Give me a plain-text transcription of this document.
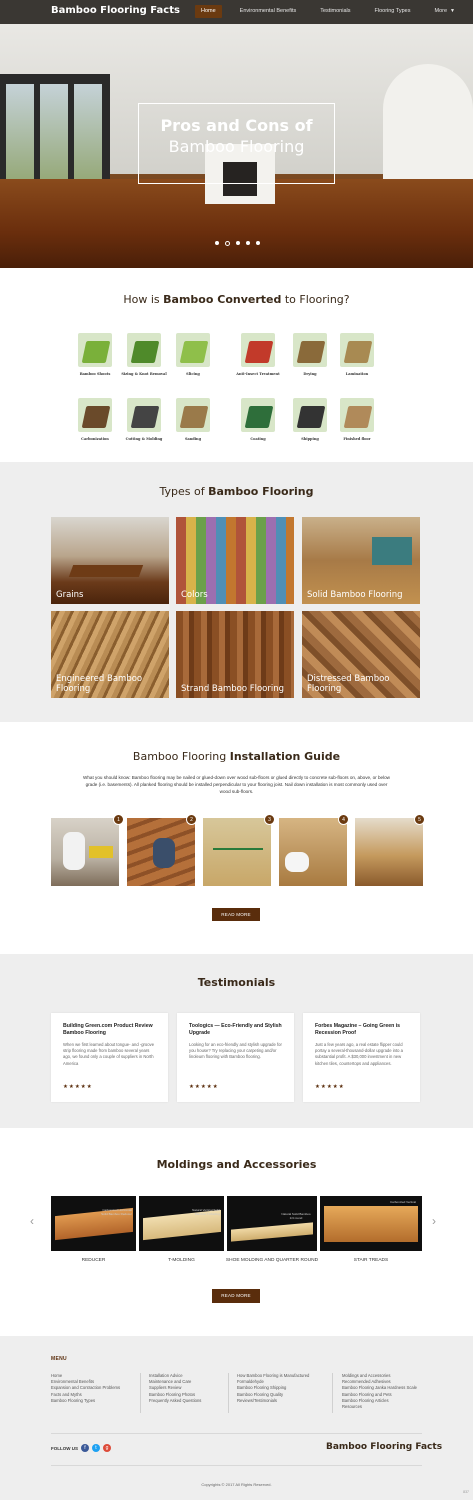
Bamboo Flooring Facts	Home	Environmental Benefits	Testimonials	Flooring Types	More ▼
Pros and Cons of
Bamboo Flooring
How is Bamboo Converted to Flooring?
Bamboo Shoots	Sizing & Knot Removal	Slicing	Anti-Insect Treatment	Drying	Lamination
Carbonization	Cutting & Molding	Sanding	Coating	Shipping	Finished floor
Types of Bamboo Flooring
Grains	Colors	Solid Bamboo Flooring
Engineered Bamboo Flooring	Strand Bamboo Flooring
Distressed Bamboo Flooring
Bamboo Flooring Installation Guide
What you should know: Bamboo flooring may be nailed or glued-down over wood sub-floors or glued directly to concrete sub-floors on, above, or below grade (i.e. basements). All planked flooring should be installed perpendicular to your flooring joist. Nail down installation is most commonly used over wood sub-floors.
1	2	3	4	5
READ MORE
Testimonials
Building Green.com Product Review Bamboo Flooring
When we first learned about tongue- and -groove strip flooring made from bamboo several years ago, we found only a couple of suppliers in North America
★★★★★
Toologics — Eco-Friendly and Stylish Upgrade
Looking for an eco-friendly and stylish upgrade for you house? Try replacing your carpeting and/or linoleum flooring with Bamboo flooring.
★★★★★
Forbes Magazine – Going Green is Recession Proof
Just a few years ago, a real estate flipper could portay a several-thousand-dollar upgrade into a substantial profit. A $30,000 investment in new kitchen tiles, countertops and appliances.
★★★★★
Moldings and Accessories
‹	›
Carbonized Horizontal Solid Bamboo Reducer
Natural Vertical Solid Bamboo T-Molding	Natural Solid Bamboo 1/4 round
Carbonized Vertical
REDUCER	T-MOLDING	SHOE MOLDING AND QUARTER ROUND	STAIR TREADS
READ MORE
MENU
Home
Environmental Benefits
Expansion and Contraction Problems
Facts and Myths
Bamboo Flooring Types
Installation Advice
Maintenance and Care
Suppliers Review
Bamboo Flooring Photos
Frequently Asked Questions
How Bamboo Flooring is Manufactured
Formaldehyde
Bamboo Flooring Shipping
Bamboo Flooring Quality
Reviews/Testimonials
Moldings and Accessories
Recommended Adhesives
Bamboo Flooring Janka Hardness Scale
Bamboo Flooring and Pets
Bamboo Flooring Articles
Resources
FOLLOW US	f	t	g	Bamboo Flooring Facts
Copyrights © 2017 All Rights Reserved.
837
